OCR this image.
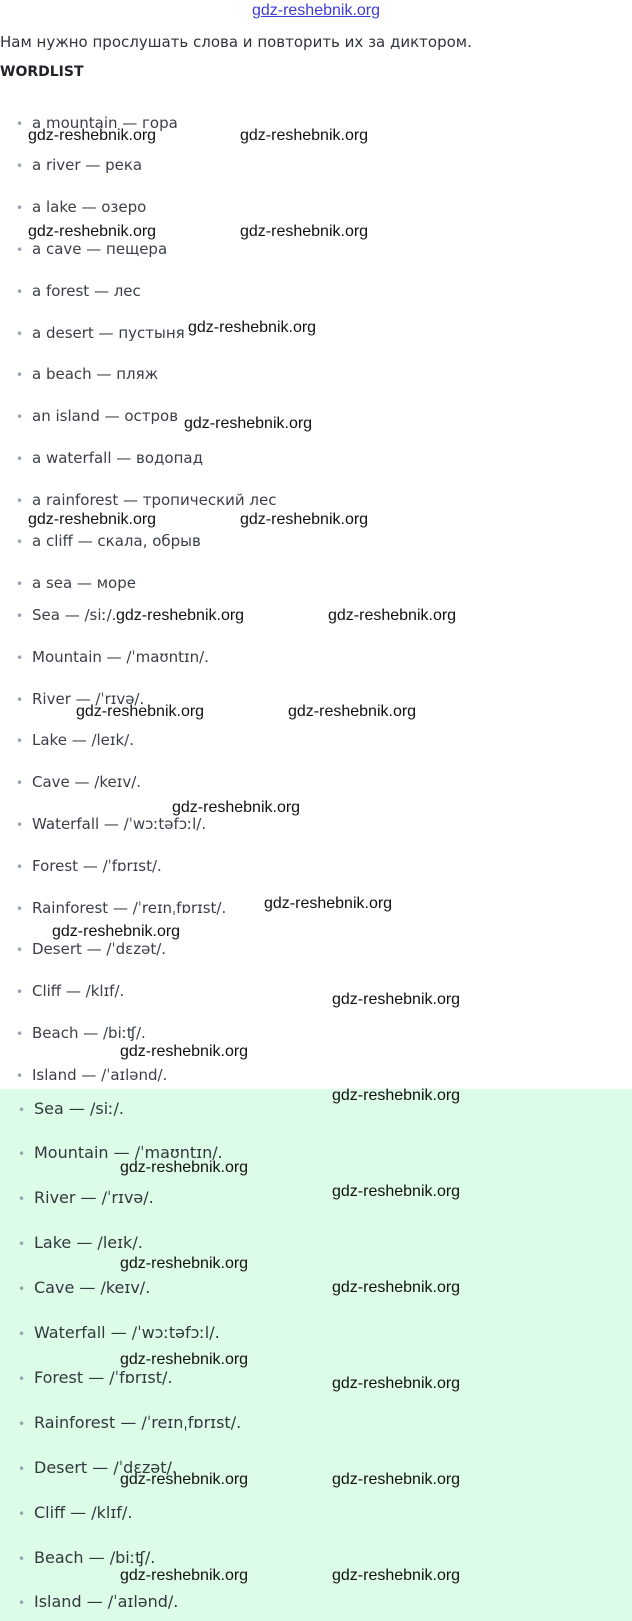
gdz-reshebnik.org
Нам нужно прослушать слова и повторить их за диктором.
WORDLIST
• a mountain — гора
• a river — река
• a lake — озеро
• a cave — пещера
• a forest — лес
• a desert — пустыня
• a beach — пляж
• an island — остров
• a waterfall — водопад
• a rainforest — тропический лес
• a cliff — скала, обрыв
• a sea — море
• Sea — /siː/.
• Mountain — /ˈmaʊntɪn/.
• River — /ˈrɪvə/.
• Lake — /leɪk/.
• Cave — /keɪv/.
• Waterfall — /ˈwɔːtəfɔːl/.
• Forest — /ˈfɒrɪst/.
• Rainforest — /ˈreɪnˌfɒrɪst/.
• Desert — /ˈdɛzət/.
• Cliff — /klɪf/.
• Beach — /biːʧ/.
• Island — /ˈaɪlənd/.
• Sea — /siː/.
• Mountain — /ˈmaʊntɪn/.
• River — /ˈrɪvə/.
• Lake — /leɪk/.
• Cave — /keɪv/.
• Waterfall — /ˈwɔːtəfɔːl/.
• Forest — /ˈfɒrɪst/.
• Rainforest — /ˈreɪnˌfɒrɪst/.
• Desert — /ˈdɛzət/.
• Cliff — /klɪf/.
• Beach — /biːʧ/.
• Island — /ˈaɪlənd/.
gdz-reshebnik.org	gdz-reshebnik.org
gdz-reshebnik.org	gdz-reshebnik.org
gdz-reshebnik.org
gdz-reshebnik.org
gdz-reshebnik.org	gdz-reshebnik.org
gdz-reshebnik.org	gdz-reshebnik.org
gdz-reshebnik.org	gdz-reshebnik.org
gdz-reshebnik.org
gdz-reshebnik.org
gdz-reshebnik.org
gdz-reshebnik.org
gdz-reshebnik.org
gdz-reshebnik.org
gdz-reshebnik.org
gdz-reshebnik.org
gdz-reshebnik.org
gdz-reshebnik.org
gdz-reshebnik.org
gdz-reshebnik.org
gdz-reshebnik.org	gdz-reshebnik.org
gdz-reshebnik.org	gdz-reshebnik.org
